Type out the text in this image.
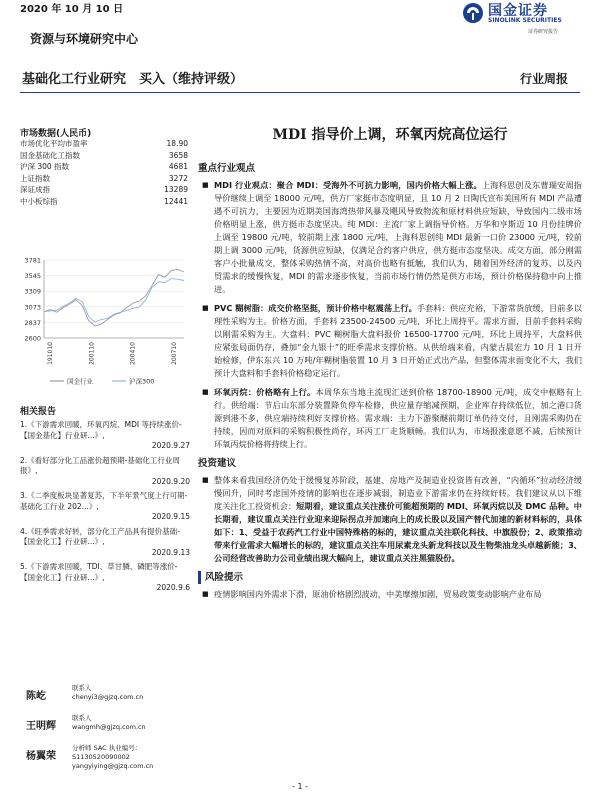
2020 年 10 月 10 日	国金证券
SINOLINK SECURITIES
证券研究报告
资源与环境研究中心
基础化工行业研究　买入（维持评级）	行业周报
市场数据(人民币)
市场优化平均市盈率	18.90
国金基础化工指数	3658
沪深 300 指数	4681
上证指数	3272
深证成指	13289
中小板综指	12441
3781
3545
3309
3073
2837
2600
191010	200110	200410	200710
国金行业	沪深300
相关报告

1.《下游需求回暖，环氧丙烷、MDI 等持续涨价-【国金基化】行业研...》,
2020.9.27

2.《看好部分化工品涨价超预期-基础化工行业周报》,
2020.9.20

3.《二季度板块显著复苏，下半年景气度上行可期-基础化工行业 202...》,
2020.9.15

4.《旺季需求好转，部分化工产品具有提价基础-【国金化工】行业研...》,
2020.9.13

5.《下游需求回暖，TDI、草甘膦、磷肥等涨价-【国金化工】行业研...》,
2020.9.6

陈屹
联系人
chenyi3@gjzq.com.cn
王明辉
联系人
wangmh@gjzq.com.cn
杨翼荣
分析师 SAC 执业编号：
S1130520090002
yangyiying@gjzq.com.cn
MDI 指导价上调，环氧丙烷高位运行
重点行业观点
■ MDI 行业观点：聚合 MDI：受海外不可抗力影响，国内价格大幅上涨。上海科思创及东曹瑞安周指导价继续上调至 18000 元/吨，供方厂家挺市态度明显，且 10 月 2 日陶氏宣布美国所有 MDI 产品遭遇不可抗力，主要因为近期美国海湾热带风暴及飓风导致物流和原材料供应短缺，导致国内二级市场价格明显上涨，供方挺市态度坚决。纯 MDI：主流厂家上调指导价格。万华和亨斯迈 10 月份挂牌价上调至 19800 元/吨，较前期上涨 1800 元/吨，上海科思创纯 MDI 最新一口价 23000 元/吨，较前期上调 3000 元/吨，货源供应短缺，仅满足合约客户供应，供方挺市态度坚决。成交方面，部分刚需客户小批量成交，整体采购热情不高，对高价也略有抵触，我们认为，随着国外经济的复苏，以及内贸需求的缓慢恢复，MDI 的需求逐步恢复，当前市场行情仍然是供方市场，预计价格保持稳中向上推进。
■ PVC 糊树脂：成交价格坚挺，预计价格中枢震荡上行。手套料：供应充裕，下游常货放缓，目前多以理性采购为主。价格方面，手套料 23500-24500 元/吨，环比上周持平。需求方面，目前手套料采购以刚需采购为主。大盘料：PVC 糊树脂大盘料报价 16500-17700 元/吨，环比上周持平，大盘料供应紧张局面仍存，叠加“金九银十”的旺季需求支撑价格。从供给端来看，内蒙古晨宏力 10 月 1 日开始检修，伊东东兴 10 万吨/年糊树脂装置 10 月 3 日开始正式出产品，但整体需求面变化不大，我们预计大盘料和手套料价格稳定运行。
■ 环氧丙烷：价格略有上行。本周华东当地主流现汇送到价格 18700-18900 元/吨，成交中枢略有上行。供给端：节后山东部分装置降负停车检修，供应量存缩减预期，企业库存持续低位，加之港口货源到港不多，供应端持续利好支撑价格。需求端：主力下游聚醚前期订单仍待交付，且刚需采购仍在持续，因而对原料的采购积极性尚存，环丙工厂走货顺畅。我们认为，市场报涨意愿不减，后续预计环氧丙烷价格将持续上行。
投资建议
■ 整体来看我国经济仍处于缓慢复苏阶段，基建、房地产及制造业投资皆有改善，“内循环”拉动经济缓慢回升，同时考虑国外疫情的影响也在逐步减弱，制造业下游需求仍在持续好转。我们建议从以下维度关注化工投资机会：短期看，建议重点关注涨价可能超预期的 MDI、环氧丙烷以及 DMC 品种。中长期看，建议重点关注行业迎来迎际拐点并加速向上的成长股以及国产替代加速的新材料标的，具体如下：1、受益于农药汽工行业中国特殊格的标的，建议重点关注联化科技、中旗股份；2、政策推动带来行业需求大幅增长的标的，建议重点关注车用尿素龙头新龙科技以及生物柴油龙头卓越新能；3、公司经营改善助力公司业绩出现大幅向上，建议重点关注黑猫股份。
风险提示
■ 疫情影响国内外需求下滑，原油价格剧烈波动，中美摩擦加剧，贸易政策变动影响产业布局
- 1 -
